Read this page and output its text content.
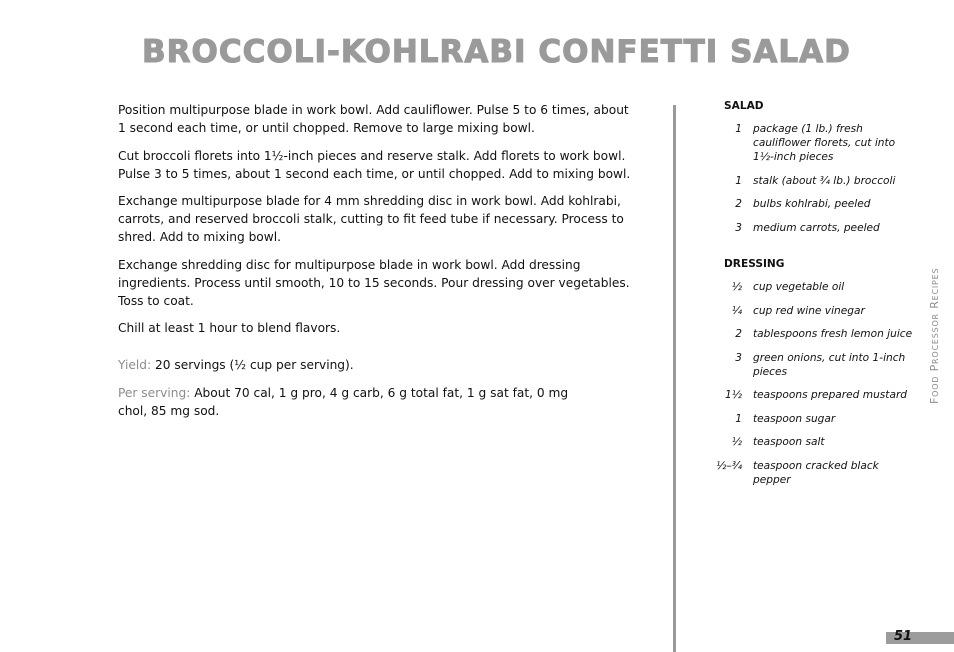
BROCCOLI-KOHLRABI CONFETTI SALAD

Position multipurpose blade in work bowl. Add cauliflower. Pulse 5 to 6 times, about 1 second each time, or until chopped. Remove to large mixing bowl.

Cut broccoli florets into 1½-inch pieces and reserve stalk. Add florets to work bowl. Pulse 3 to 5 times, about 1 second each time, or until chopped. Add to mixing bowl.

Exchange multipurpose blade for 4 mm shredding disc in work bowl. Add kohlrabi, carrots, and reserved broccoli stalk, cutting to fit feed tube if necessary. Process to shred. Add to mixing bowl.

Exchange shredding disc for multipurpose blade in work bowl. Add dressing ingredients. Process until smooth, 10 to 15 seconds. Pour dressing over vegetables. Toss to coat.

Chill at least 1 hour to blend flavors.

Yield: 20 servings (½ cup per serving).
Per serving: About 70 cal, 1 g pro, 4 g carb, 6 g total fat, 1 g sat fat, 0 mg chol, 85 mg sod.
SALAD
1	package (1 lb.) fresh cauliflower florets, cut into 1½-inch pieces
1	stalk (about ¾ lb.) broccoli
2	bulbs kohlrabi, peeled
3	medium carrots, peeled
DRESSING
½	cup vegetable oil
¼	cup red wine vinegar
2	tablespoons fresh lemon juice
3	green onions, cut into 1-inch pieces
1½	teaspoons prepared mustard
1	teaspoon sugar
½	teaspoon salt
½–¾	teaspoon cracked black pepper
Food Processor Recipes
51
